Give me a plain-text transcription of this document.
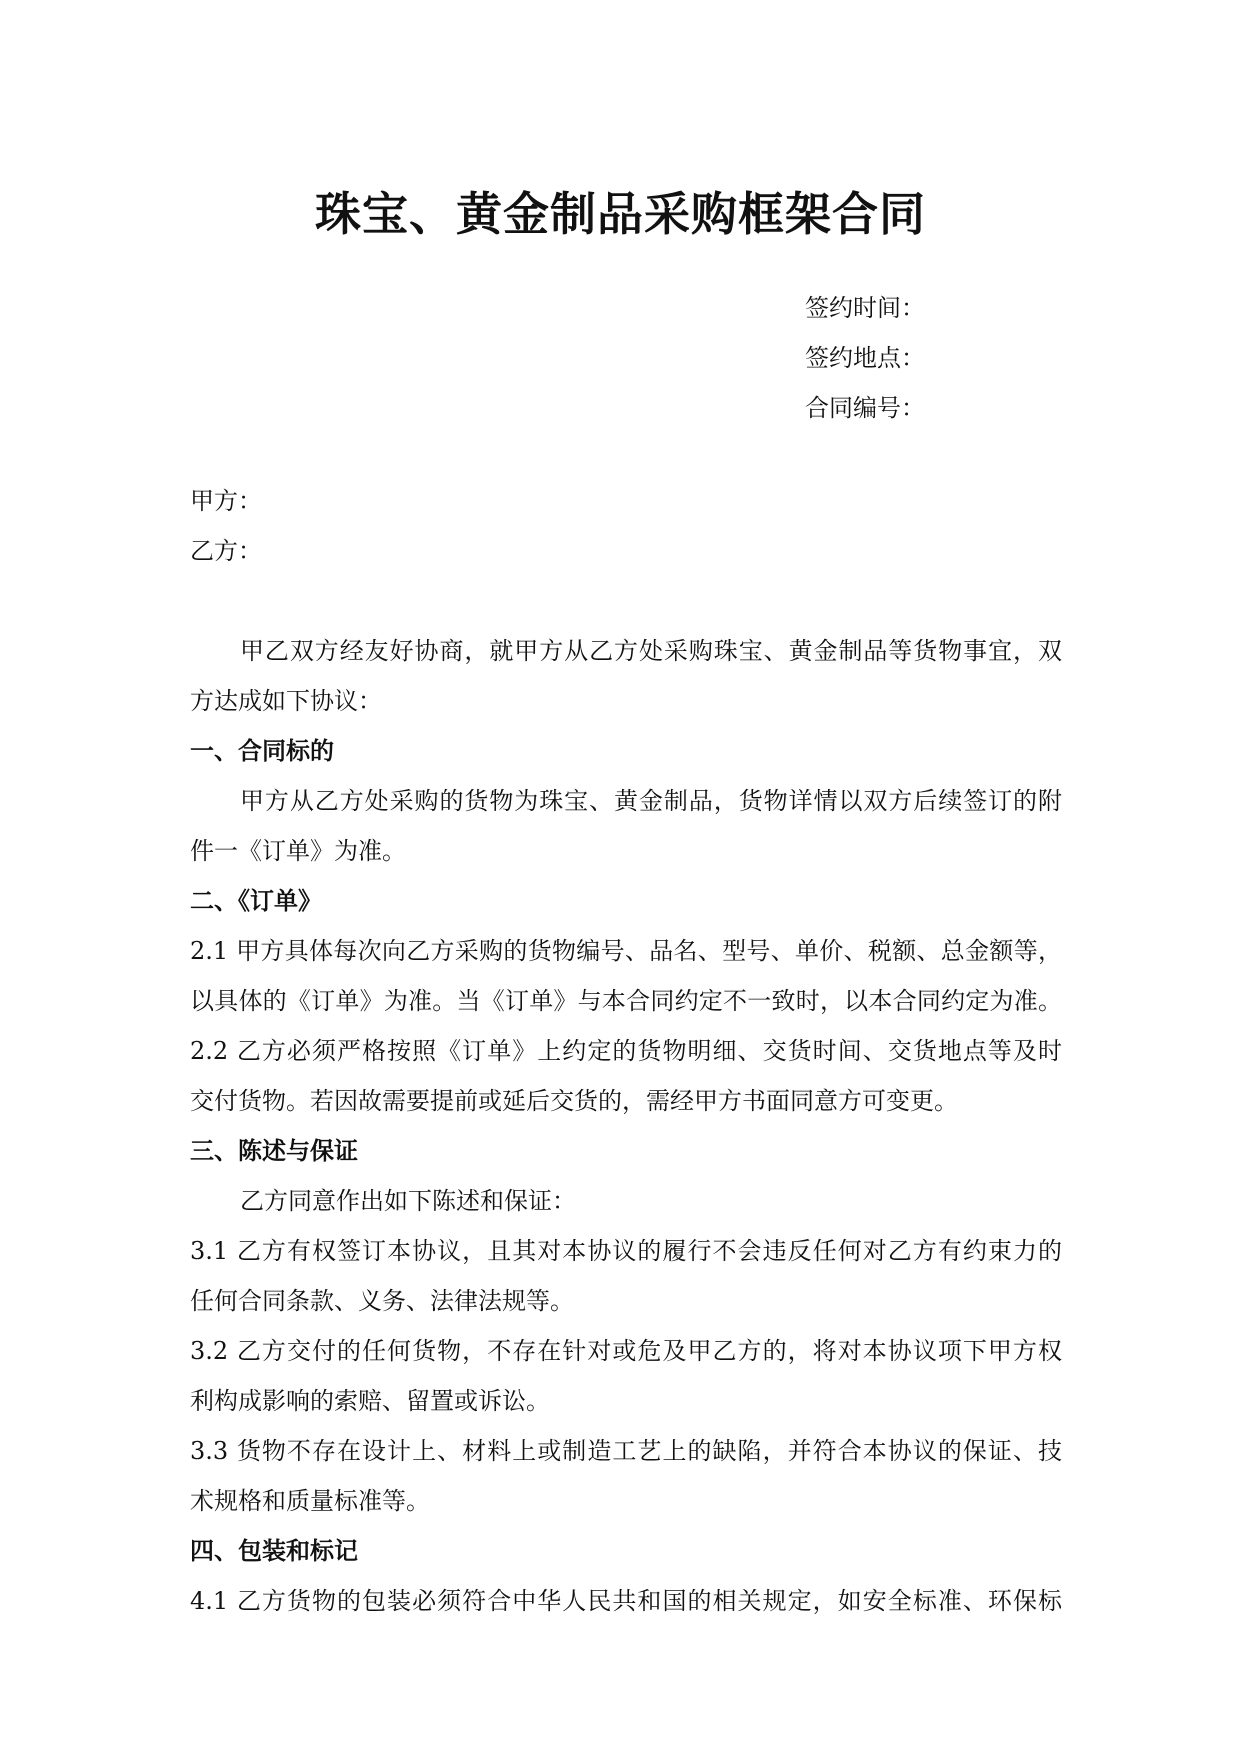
珠宝、黄金制品采购框架合同
签约时间：
签约地点：
合同编号：
甲方：
乙方：
甲乙双方经友好协商，就甲方从乙方处采购珠宝、黄金制品等货物事宜，双
方达成如下协议：
一、合同标的
甲方从乙方处采购的货物为珠宝、黄金制品，货物详情以双方后续签订的附
件一《订单》为准。
二、《订单》
2.1 甲方具体每次向乙方采购的货物编号、品名、型号、单价、税额、总金额等，
以具体的《订单》为准。当《订单》与本合同约定不一致时，以本合同约定为准。
2.2 乙方必须严格按照《订单》上约定的货物明细、交货时间、交货地点等及时
交付货物。若因故需要提前或延后交货的，需经甲方书面同意方可变更。
三、陈述与保证
乙方同意作出如下陈述和保证：
3.1 乙方有权签订本协议，且其对本协议的履行不会违反任何对乙方有约束力的
任何合同条款、义务、法律法规等。
3.2 乙方交付的任何货物，不存在针对或危及甲乙方的，将对本协议项下甲方权
利构成影响的索赔、留置或诉讼。
3.3 货物不存在设计上、材料上或制造工艺上的缺陷，并符合本协议的保证、技
术规格和质量标准等。
四、包装和标记
4.1 乙方货物的包装必须符合中华人民共和国的相关规定，如安全标准、环保标
